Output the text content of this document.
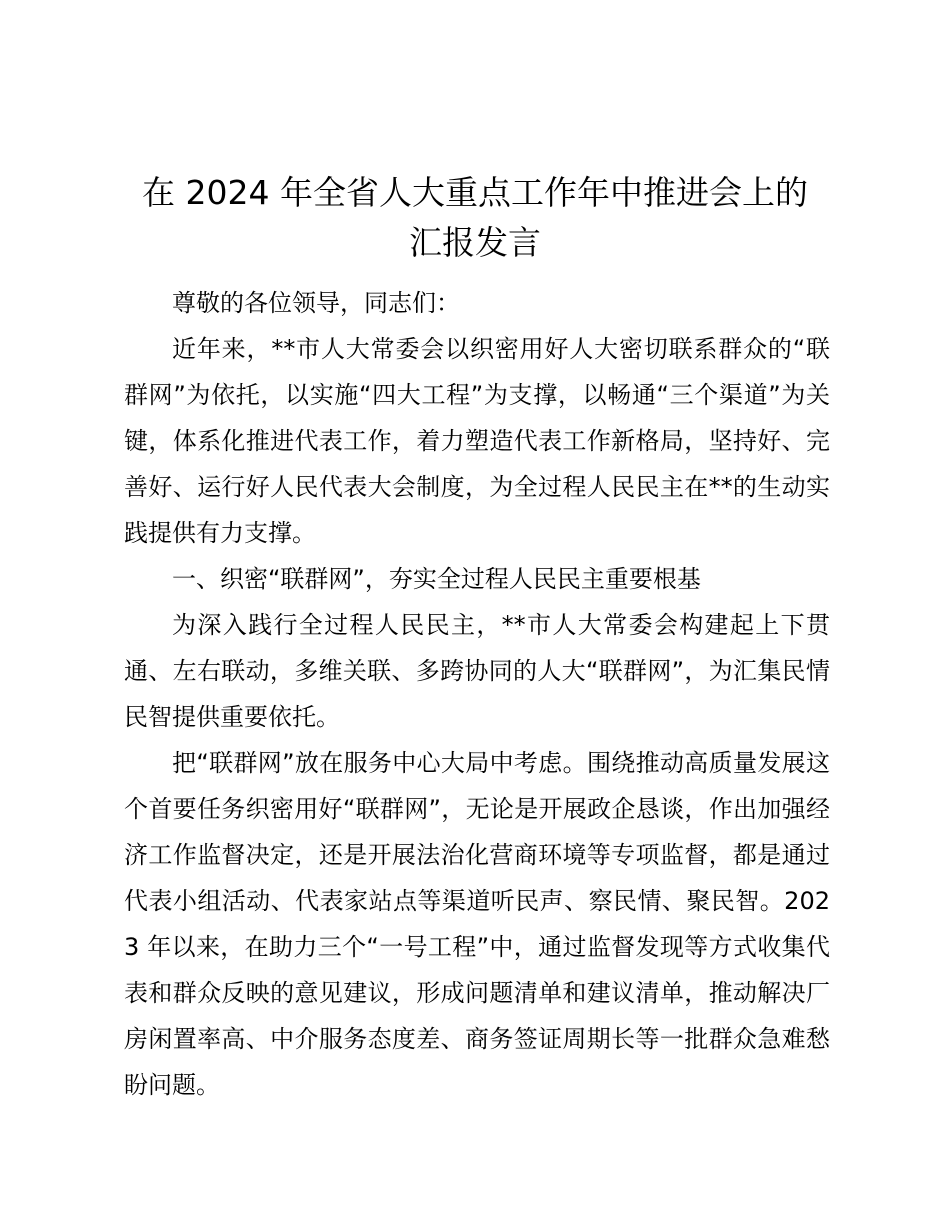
在 2024 年全省人大重点工作年中推进会上的
汇报发言

尊敬的各位领导，同志们：

近年来，**市人大常委会以织密用好人大密切联系群众的“联群网”为依托，以实施“四大工程”为支撑，以畅通“三个渠道”为关键，体系化推进代表工作，着力塑造代表工作新格局，坚持好、完善好、运行好人民代表大会制度，为全过程人民民主在**的生动实践提供有力支撑。

一、织密“联群网”，夯实全过程人民民主重要根基

为深入践行全过程人民民主，**市人大常委会构建起上下贯通、左右联动，多维关联、多跨协同的人大“联群网”，为汇集民情民智提供重要依托。

把“联群网”放在服务中心大局中考虑。围绕推动高质量发展这个首要任务织密用好“联群网”，无论是开展政企恳谈，作出加强经济工作监督决定，还是开展法治化营商环境等专项监督，都是通过代表小组活动、代表家站点等渠道听民声、察民情、聚民智。2023 年以来，在助力三个“一号工程”中，通过监督发现等方式收集代表和群众反映的意见建议，形成问题清单和建议清单，推动解决厂房闲置率高、中介服务态度差、商务签证周期长等一批群众急难愁盼问题。
